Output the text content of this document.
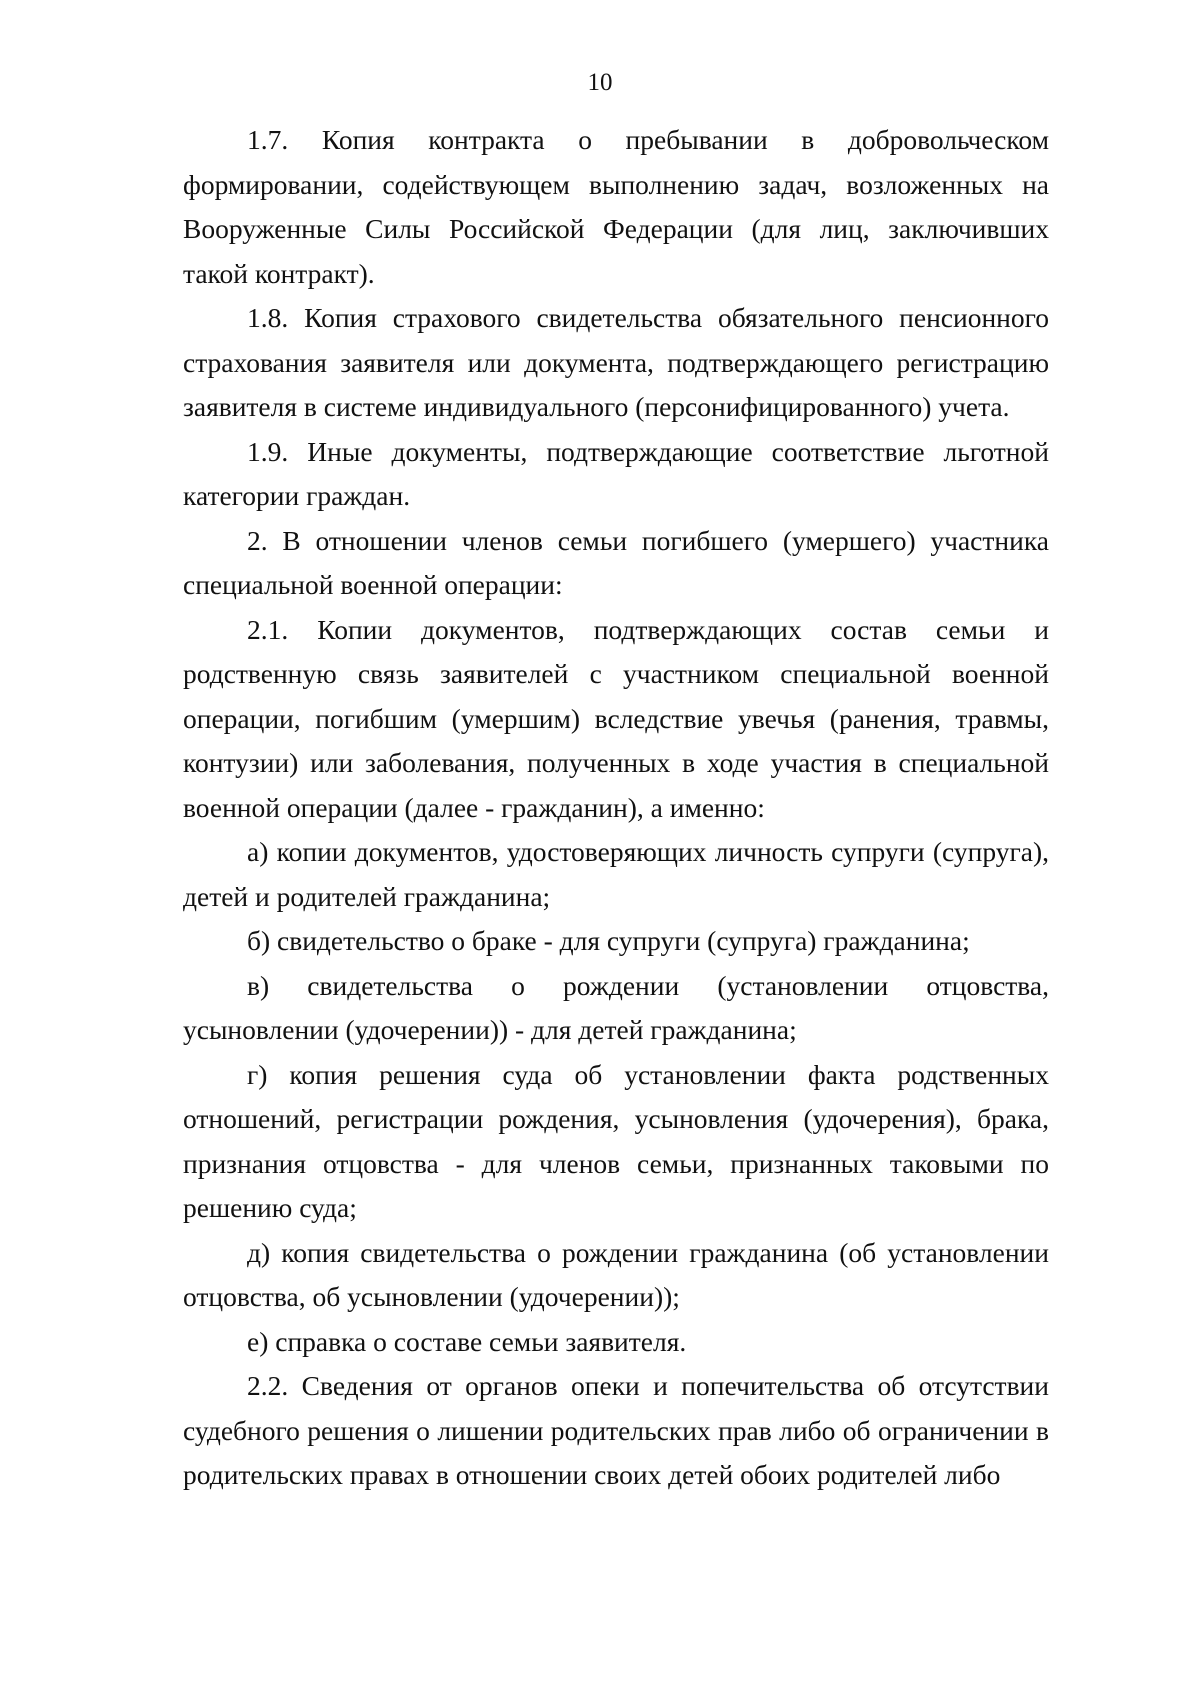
10

1.7. Копия контракта о пребывании в добровольческом формировании, содействующем выполнению задач, возложенных на Вооруженные Силы Российской Федерации (для лиц, заключивших такой контракт).

1.8. Копия страхового свидетельства обязательного пенсионного страхования заявителя или документа, подтверждающего регистрацию заявителя в системе индивидуального (персонифицированного) учета.

1.9. Иные документы, подтверждающие соответствие льготной категории граждан.

2. В отношении членов семьи погибшего (умершего) участника специальной военной операции:

2.1. Копии документов, подтверждающих состав семьи и родственную связь заявителей с участником специальной военной операции, погибшим (умершим) вследствие увечья (ранения, травмы, контузии) или заболевания, полученных в ходе участия в специальной военной операции (далее - гражданин), а именно:

а) копии документов, удостоверяющих личность супруги (супруга), детей и родителей гражданина;

б) свидетельство о браке - для супруги (супруга) гражданина;

в) свидетельства о рождении (установлении отцовства, усыновлении (удочерении)) - для детей гражданина;

г) копия решения суда об установлении факта родственных отношений, регистрации рождения, усыновления (удочерения), брака, признания отцовства - для членов семьи, признанных таковыми по решению суда;

д) копия свидетельства о рождении гражданина (об установлении отцовства, об усыновлении (удочерении));

е) справка о составе семьи заявителя.

2.2. Сведения от органов опеки и попечительства об отсутствии судебного решения о лишении родительских прав либо об ограничении в родительских правах в отношении своих детей обоих родителей либо
